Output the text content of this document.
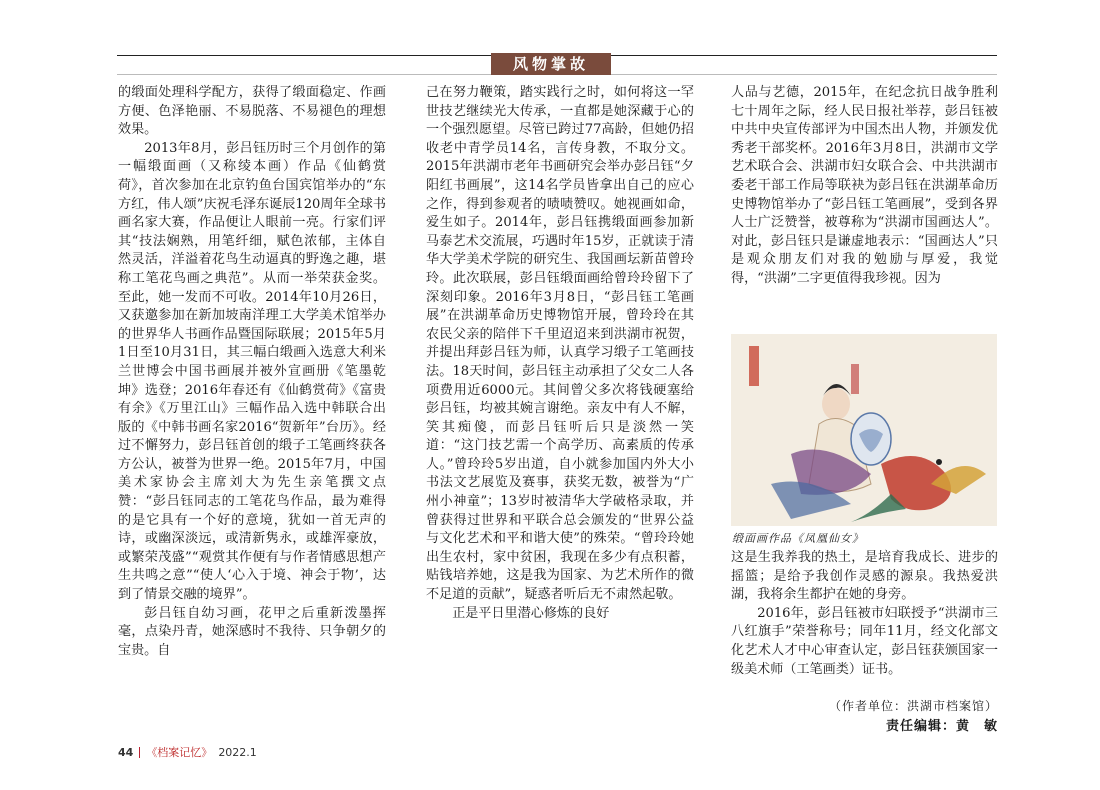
风物掌故

的缎面处理科学配方，获得了缎面稳定、作画方便、色泽艳丽、不易脱落、不易褪色的理想效果。

2013年8月，彭吕钰历时三个月创作的第一幅缎面画（又称绫本画）作品《仙鹤赏荷》，首次参加在北京钓鱼台国宾馆举办的“东方红，伟人颂”庆祝毛泽东诞辰120周年全球书画名家大赛，作品便让人眼前一亮。行家们评其“技法娴熟，用笔纤细，赋色浓郁，主体自然灵活，洋溢着花鸟生动逼真的野逸之趣，堪称工笔花鸟画之典范”。从而一举荣获金奖。至此，她一发而不可收。2014年10月26日，又获邀参加在新加坡南洋理工大学美术馆举办的世界华人书画作品暨国际联展；2015年5月1日至10月31日，其三幅白缎画入选意大利米兰世博会中国书画展并被外宣画册《笔墨乾坤》选登；2016年春还有《仙鹤赏荷》《富贵有余》《万里江山》三幅作品入选中韩联合出版的《中韩书画名家2016“贺新年”台历》。经过不懈努力，彭吕钰首创的缎子工笔画终获各方公认，被誉为世界一绝。2015年7月，中国美术家协会主席刘大为先生亲笔撰文点赞：“彭吕钰同志的工笔花鸟作品，最为难得的是它具有一个好的意境，犹如一首无声的诗，或幽深淡远，或清新隽永，或雄浑豪放，或繁荣茂盛”“观赏其作便有与作者情感思想产生共鸣之意”“使人‘心入于境、神会于物’，达到了情景交融的境界”。

彭吕钰自幼习画，花甲之后重新泼墨挥毫，点染丹青，她深感时不我待、只争朝夕的宝贵。自

己在努力鞭策，踏实践行之时，如何将这一罕世技艺继续光大传承，一直都是她深藏于心的一个强烈愿望。尽管已跨过77高龄，但她仍招收老中青学员14名，言传身教，不取分文。2015年洪湖市老年书画研究会举办彭吕钰“夕阳红书画展”，这14名学员皆拿出自己的应心之作，得到参观者的啧啧赞叹。她视画如命，爱生如子。2014年，彭吕钰携缎面画参加新马泰艺术交流展，巧遇时年15岁，正就读于清华大学美术学院的研究生、我国画坛新苗曾玲玲。此次联展，彭吕钰缎面画给曾玲玲留下了深刻印象。2016年3月8日，“彭吕钰工笔画展”在洪湖革命历史博物馆开展，曾玲玲在其农民父亲的陪伴下千里迢迢来到洪湖市祝贺，并提出拜彭吕钰为师，认真学习缎子工笔画技法。18天时间，彭吕钰主动承担了父女二人各项费用近6000元。其间曾父多次将钱硬塞给彭吕钰，均被其婉言谢绝。亲友中有人不解，笑其痴傻，而彭吕钰听后只是淡然一笑道：“这门技艺需一个高学历、高素质的传承人。”曾玲玲5岁出道，自小就参加国内外大小书法文艺展览及赛事，获奖无数，被誉为“广州小神童”；13岁时被清华大学破格录取，并曾获得过世界和平联合总会颁发的“世界公益与文化艺术和平和谐大使”的殊荣。“曾玲玲她出生农村，家中贫困，我现在多少有点积蓄，贴钱培养她，这是我为国家、为艺术所作的微不足道的贡献”，疑惑者听后无不肃然起敬。

正是平日里潜心修炼的良好

人品与艺德，2015年，在纪念抗日战争胜利七十周年之际，经人民日报社举荐，彭吕钰被中共中央宣传部评为中国杰出人物，并颁发优秀老干部奖杯。2016年3月8日，洪湖市文学艺术联合会、洪湖市妇女联合会、中共洪湖市委老干部工作局等联袂为彭吕钰在洪湖革命历史博物馆举办了“彭吕钰工笔画展”，受到各界人士广泛赞誉，被尊称为“洪湖市国画达人”。对此，彭吕钰只是谦虚地表示：“国画达人”只是观众朋友们对我的勉励与厚爱，我觉得，“洪湖”二字更值得我珍视。因为

缎面画作品《凤凰仙女》

这是生我养我的热土，是培育我成长、进步的摇篮；是给予我创作灵感的源泉。我热爱洪湖，我将余生都护在她的身旁。

2016年，彭吕钰被市妇联授予“洪湖市三八红旗手”荣誉称号；同年11月，经文化部文化艺术人才中心审查认定，彭吕钰获颁国家一级美术师（工笔画类）证书。

（作者单位：洪湖市档案馆）
责任编辑：黄　敏
44 《档案记忆》 2022.1
